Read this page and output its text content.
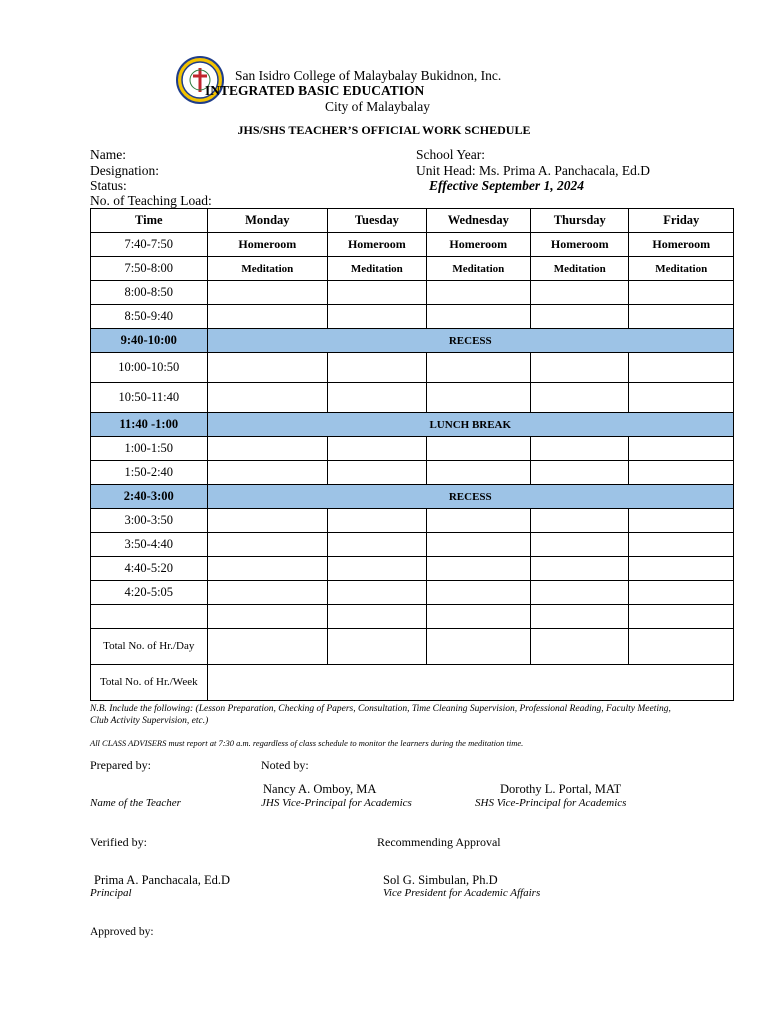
San Isidro College of Malaybalay Bukidnon, Inc.
INTEGRATED BASIC EDUCATION
City of Malaybalay
JHS/SHS TEACHER’S OFFICIAL WORK SCHEDULE
Name:
Designation:
Status:
No. of Teaching Load:
School Year:
Unit Head: Ms. Prima A. Panchacala, Ed.D
Effective September 1, 2024
Time	Monday	Tuesday	Wednesday	Thursday	Friday
7:40-7:50	Homeroom	Homeroom	Homeroom	Homeroom	Homeroom
7:50-8:00	Meditation	Meditation	Meditation	Meditation	Meditation
8:00-8:50					
8:50-9:40					
9:40-10:00	RECESS				
10:00-10:50					
10:50-11:40					
11:40 -1:00	LUNCH BREAK				
1:00-1:50					
1:50-2:40					
2:40-3:00	RECESS				
3:00-3:50					
3:50-4:40					
4:40-5:20					
4:20-5:05					

Total No. of Hr./Day					
Total No. of Hr./Week					
N.B. Include the following: (Lesson Preparation, Checking of Papers, Consultation, Time Cleaning Supervision, Professional Reading, Faculty Meeting, Club Activity Supervision, etc.)
All CLASS ADVISERS must report at 7:30 a.m. regardless of class schedule to monitor the learners during the meditation time.
Prepared by:	Noted by:
Nancy A. Omboy, MA	Dorothy L. Portal, MAT
Name of the Teacher	JHS Vice-Principal for Academics	SHS Vice-Principal for Academics
Verified by:	Recommending Approval
Prima A. Panchacala, Ed.D	Sol G. Simbulan, Ph.D
Principal	Vice President for Academic Affairs
Approved by:
